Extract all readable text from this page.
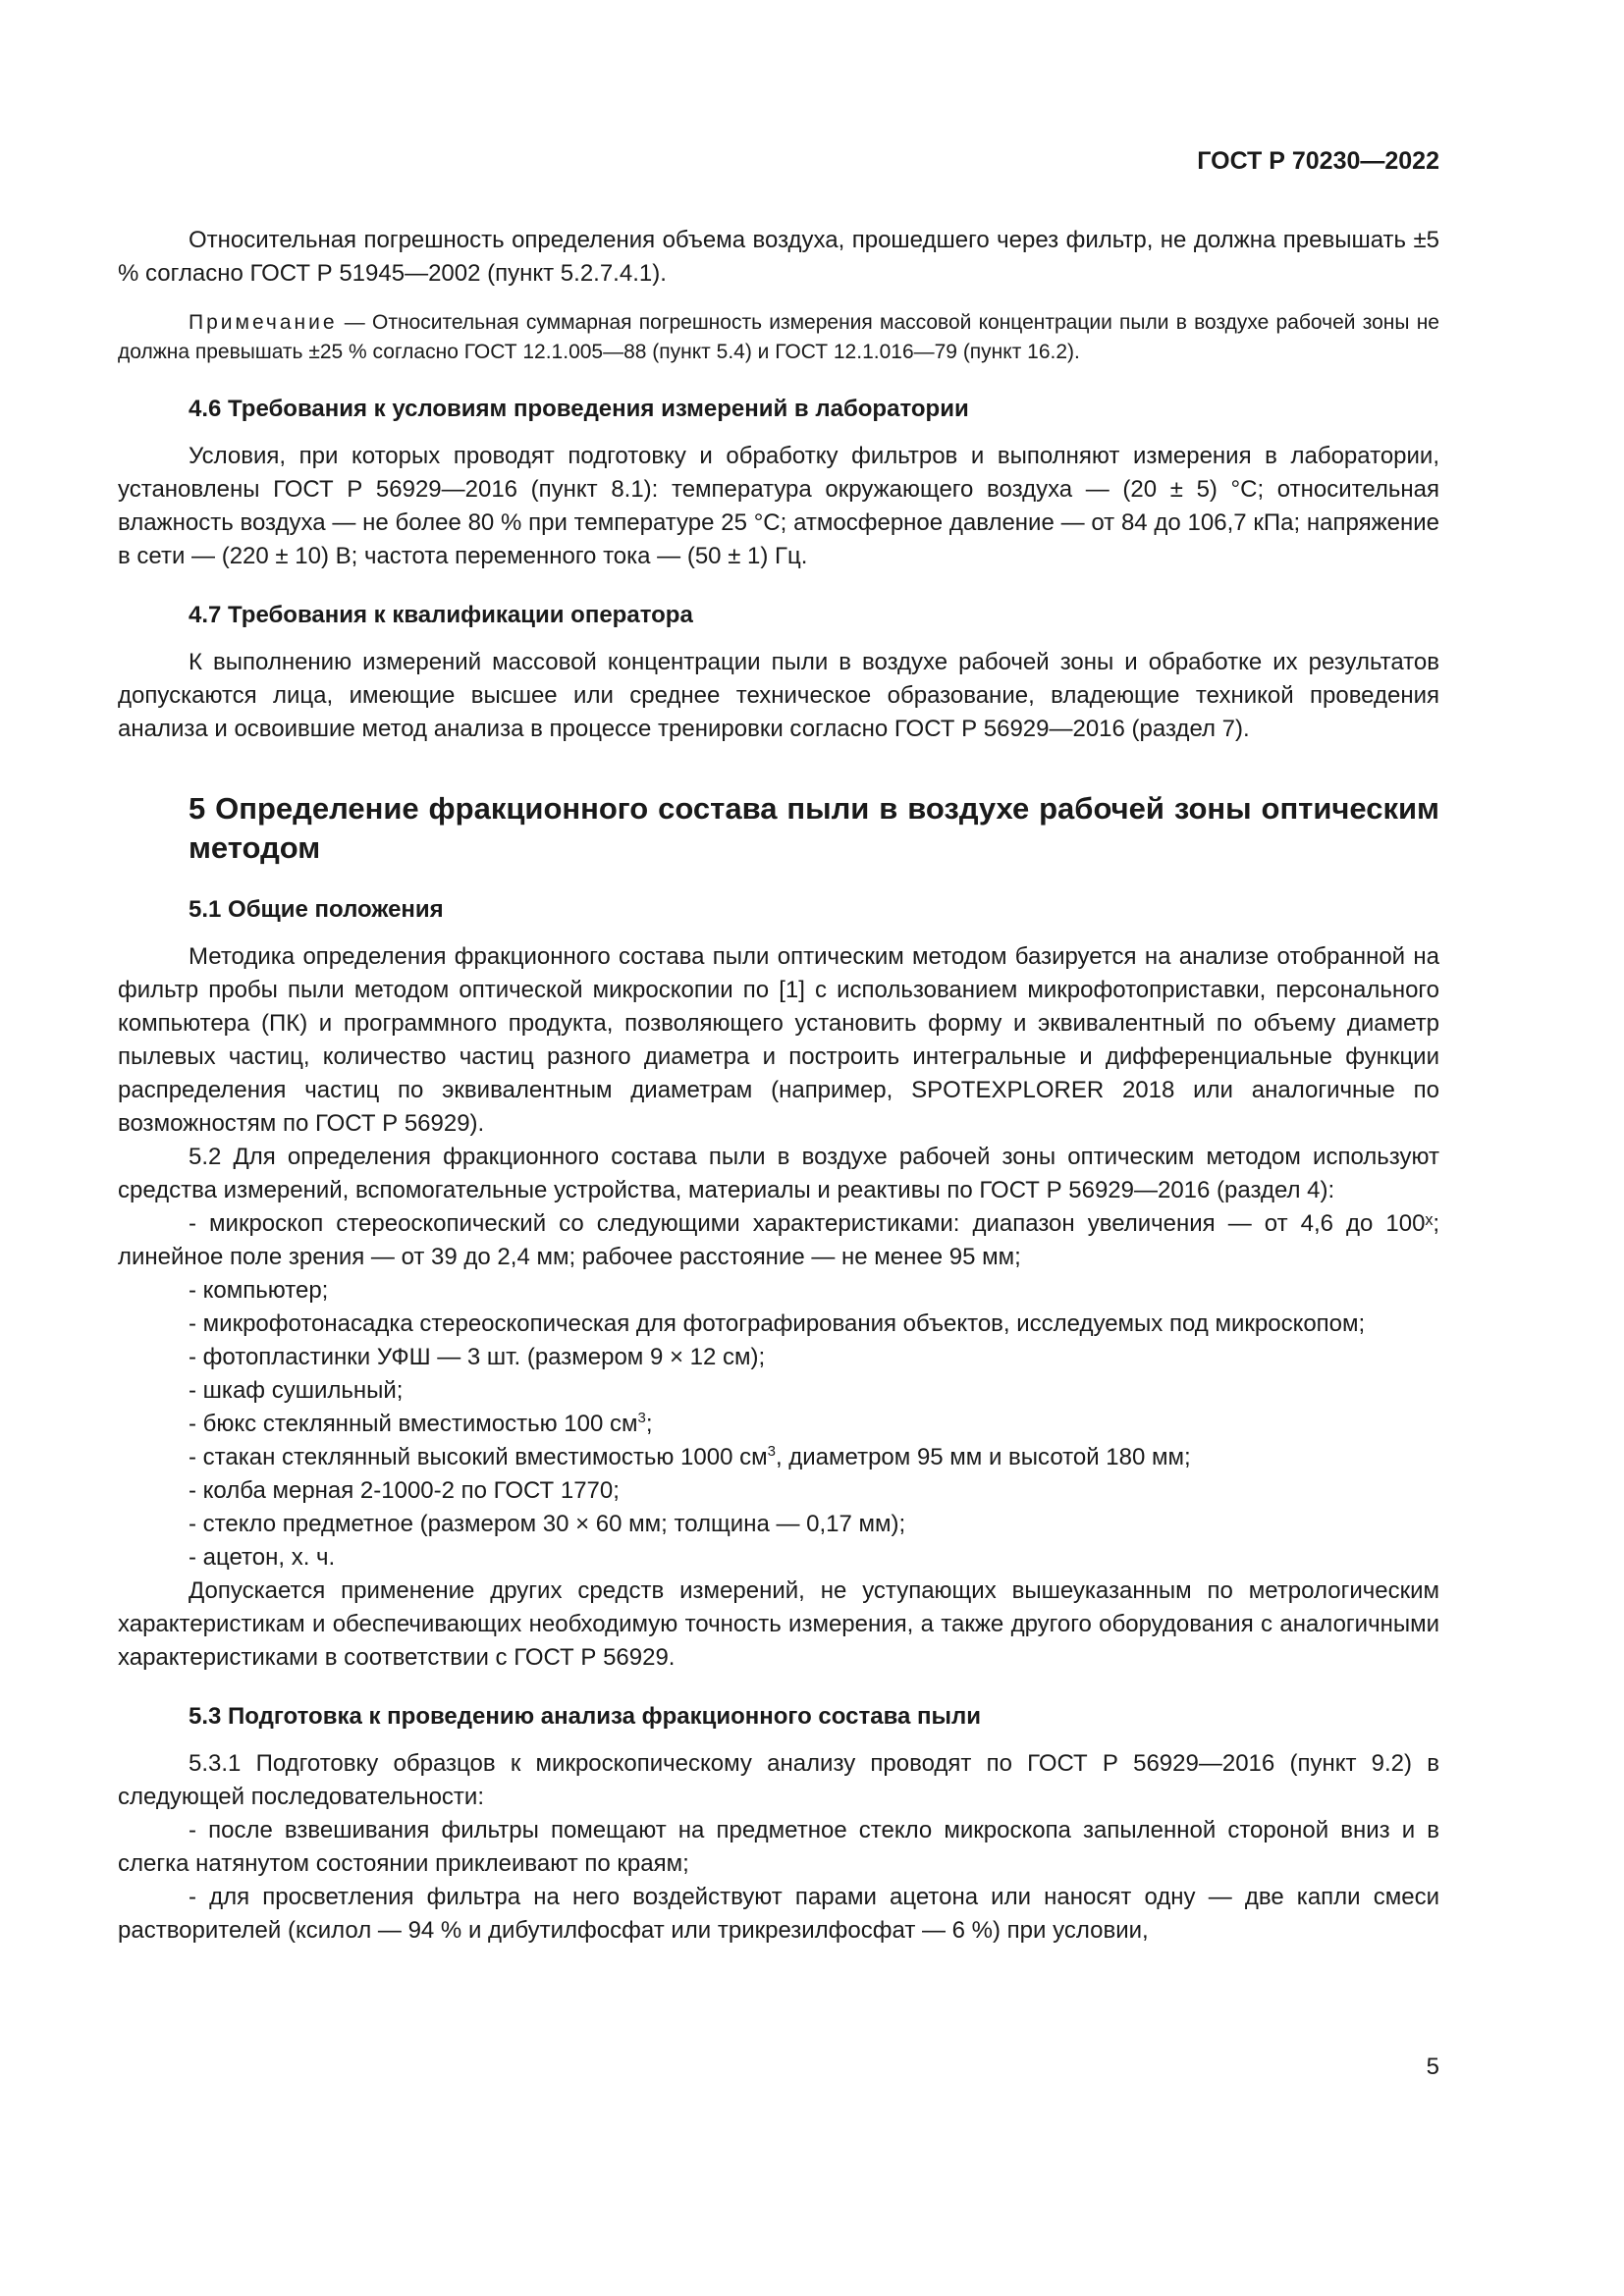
ГОСТ Р 70230—2022

Относительная погрешность определения объема воздуха, прошедшего через фильтр, не должна превышать ±5 % согласно ГОСТ Р 51945—2002 (пункт 5.2.7.4.1).

Примечание — Относительная суммарная погрешность измерения массовой концентрации пыли в воздухе рабочей зоны не должна превышать ±25 % согласно ГОСТ 12.1.005—88 (пункт 5.4) и ГОСТ 12.1.016—79 (пункт 16.2).

4.6 Требования к условиям проведения измерений в лаборатории

Условия, при которых проводят подготовку и обработку фильтров и выполняют измерения в лаборатории, установлены ГОСТ Р 56929—2016 (пункт 8.1): температура окружающего воздуха — (20 ± 5) °С; относительная влажность воздуха — не более 80 % при температуре 25 °С; атмосферное давление — от 84 до 106,7 кПа; напряжение в сети — (220 ± 10) В; частота переменного тока — (50 ± 1) Гц.

4.7 Требования к квалификации оператора

К выполнению измерений массовой концентрации пыли в воздухе рабочей зоны и обработке их результатов допускаются лица, имеющие высшее или среднее техническое образование, владеющие техникой проведения анализа и освоившие метод анализа в процессе тренировки согласно ГОСТ Р 56929—2016 (раздел 7).

5 Определение фракционного состава пыли в воздухе рабочей зоны оптическим методом

5.1 Общие положения

Методика определения фракционного состава пыли оптическим методом базируется на анализе отобранной на фильтр пробы пыли методом оптической микроскопии по [1] с использованием микрофотоприставки, персонального компьютера (ПК) и программного продукта, позволяющего установить форму и эквивалентный по объему диаметр пылевых частиц, количество частиц разного диаметра и построить интегральные и дифференциальные функции распределения частиц по эквивалентным диаметрам (например, SPOTEXPLORER 2018 или аналогичные по возможностям по ГОСТ Р 56929).

5.2 Для определения фракционного состава пыли в воздухе рабочей зоны оптическим методом используют средства измерений, вспомогательные устройства, материалы и реактивы по ГОСТ Р 56929—2016 (раздел 4):

- микроскоп стереоскопический со следующими характеристиками: диапазон увеличения — от 4,6 до 100ˣ; линейное поле зрения — от 39 до 2,4 мм; рабочее расстояние — не менее 95 мм;

- компьютер;

- микрофотонасадка стереоскопическая для фотографирования объектов, исследуемых под микроскопом;

- фотопластинки УФШ — 3 шт. (размером 9 × 12 см);

- шкаф сушильный;

- бюкс стеклянный вместимостью 100 $см^3$;

- стакан стеклянный высокий вместимостью 1000 $см^3$, диаметром 95 мм и высотой 180 мм;

- колба мерная 2-1000-2 по ГОСТ 1770;

- стекло предметное (размером 30 × 60 мм; толщина — 0,17 мм);

- ацетон, х. ч.

Допускается применение других средств измерений, не уступающих вышеуказанным по метрологическим характеристикам и обеспечивающих необходимую точность измерения, а также другого оборудования с аналогичными характеристиками в соответствии с ГОСТ Р 56929.

5.3 Подготовка к проведению анализа фракционного состава пыли

5.3.1 Подготовку образцов к микроскопическому анализу проводят по ГОСТ Р 56929—2016 (пункт 9.2) в следующей последовательности:

- после взвешивания фильтры помещают на предметное стекло микроскопа запыленной стороной вниз и в слегка натянутом состоянии приклеивают по краям;

- для просветления фильтра на него воздействуют парами ацетона или наносят одну — две капли смеси растворителей (ксилол — 94 % и дибутилфосфат или трикрезилфосфат — 6 %) при условии,

5
